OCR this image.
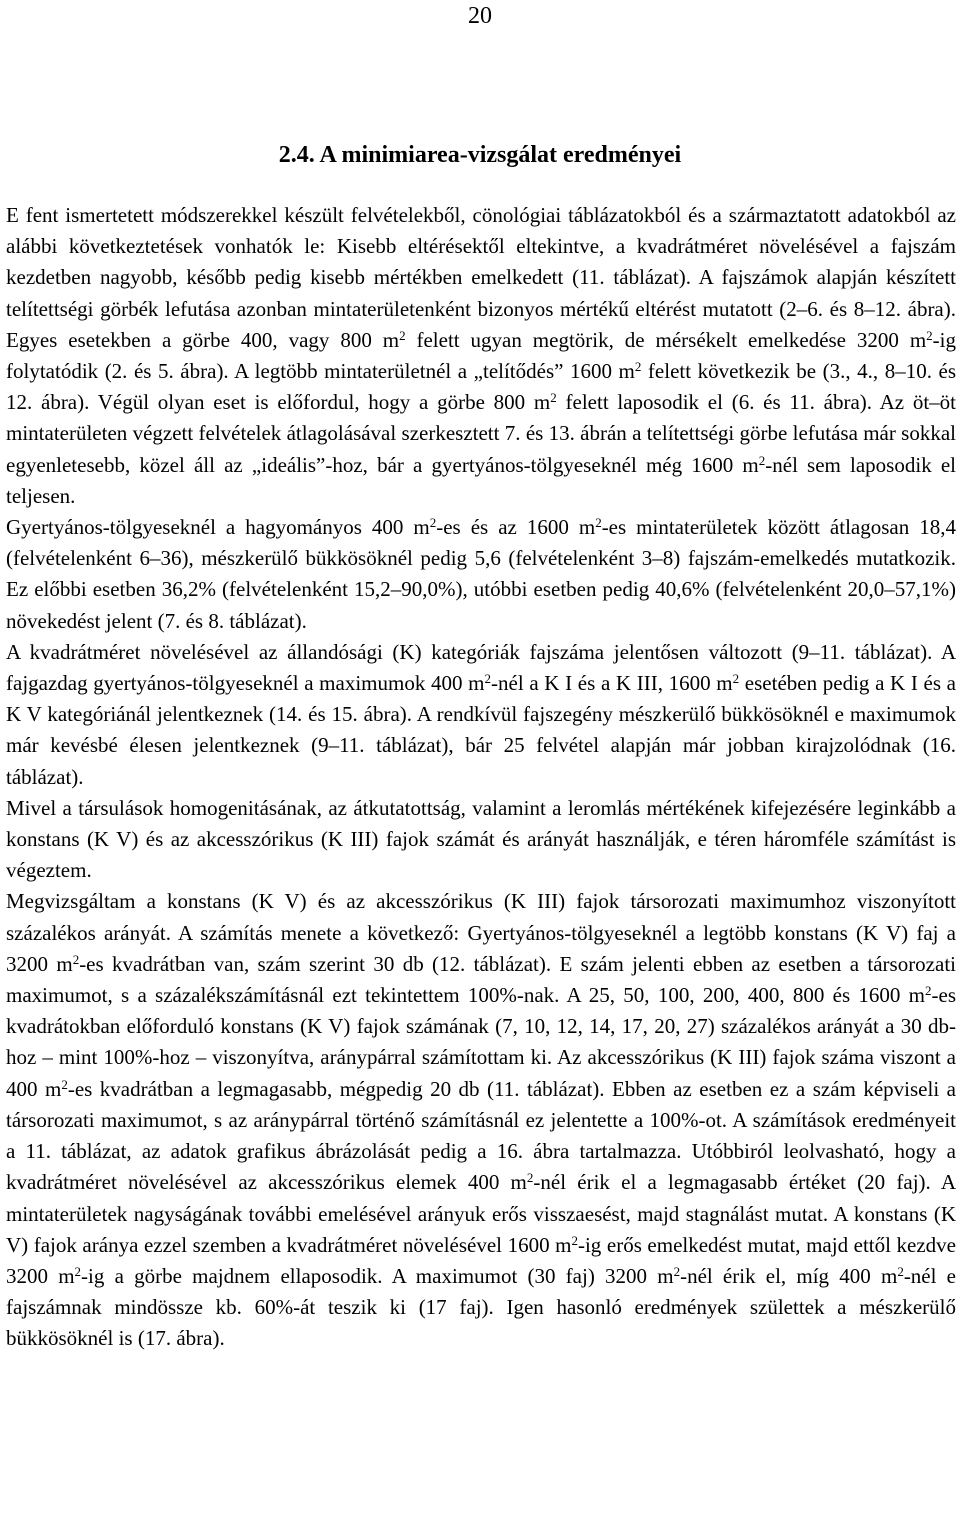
20
2.4. A minimiarea-vizsgálat eredményei

E fent ismertetett módszerekkel készült felvételekből, cönológiai táblázatokból és a származtatott adatokból az alábbi következtetések vonhatók le: Kisebb eltérésektől eltekintve, a kvadrátméret növelésével a fajszám kezdetben nagyobb, később pedig kisebb mértékben emelkedett (11. táblázat). A fajszámok alapján készített telítettségi görbék lefutása azonban mintaterületenként bizonyos mértékű eltérést mutatott (2–6. és 8–12. ábra). Egyes esetekben a görbe 400, vagy 800 $m^2$ felett ugyan megtörik, de mérsékelt emelkedése 3200 $m^2-ig$ folytatódik (2. és 5. ábra). A legtöbb mintaterületnél a „telítődés” 1600 $m^2$ felett következik be (3., 4., 8–10. és 12. ábra). Végül olyan eset is előfordul, hogy a görbe 800 $m^2$ felett laposodik el (6. és 11. ábra). Az öt–öt mintaterületen végzett felvételek átlagolásával szerkesztett 7. és 13. ábrán a telítettségi görbe lefutása már sokkal egyenletesebb, közel áll az „ideális”-hoz, bár a gyertyános-tölgyeseknél még 1600 $m^2$-nél sem laposodik el teljesen.

Gyertyános-tölgyeseknél a hagyományos 400 $m^2-es$ és az 1600 $m^2-es$ mintaterületek között átlagosan 18,4 (felvételenként 6–36), mészkerülő bükkösöknél pedig 5,6 (felvételenként 3–8) fajszám-emelkedés mutatkozik. Ez előbbi esetben 36,2% (felvételenként 15,2–90,0%), utóbbi esetben pedig 40,6% (felvételenként 20,0–57,1%) növekedést jelent (7. és 8. táblázat).

A kvadrátméret növelésével az állandósági (K) kategóriák fajszáma jelentősen változott (9–11. táblázat). A fajgazdag gyertyános-tölgyeseknél a maximumok 400 $m^2$-nél a K I és a K III, 1600 $m^2$ esetében pedig a K I és a K V kategóriánál jelentkeznek (14. és 15. ábra). A rendkívül fajszegény mészkerülő bükkösöknél e maximumok már kevésbé élesen jelentkeznek (9–11. táblázat), bár 25 felvétel alapján már jobban kirajzolódnak (16. táblázat).

Mivel a társulások homogenitásának, az átkutatottság, valamint a leromlás mértékének kifejezésére leginkább a konstans (K V) és az akcesszórikus (K III) fajok számát és arányát használják, e téren háromféle számítást is végeztem.

Megvizsgáltam a konstans (K V) és az akcesszórikus (K III) fajok társorozati maximumhoz viszonyított százalékos arányát. A számítás menete a következő: Gyertyános-tölgyeseknél a legtöbb konstans (K V) faj a 3200 $m^2-es$ kvadrátban van, szám szerint 30 db (12. táblázat). E szám jelenti ebben az esetben a társorozati maximumot, s a százalékszámításnál ezt tekintettem 100%-nak. A 25, 50, 100, 200, 400, 800 és 1600 $m^2-es$ kvadrátokban előforduló konstans (K V) fajok számának (7, 10, 12, 14, 17, 20, 27) százalékos arányát a 30 db-hoz – mint 100%-hoz – viszonyítva, aránypárral számítottam ki. Az akcesszórikus (K III) fajok száma viszont a 400 $m^2-es$ kvadrátban a legmagasabb, mégpedig 20 db (11. táblázat). Ebben az esetben ez a szám képviseli a társorozati maximumot, s az aránypárral történő számításnál ez jelentette a 100%-ot. A számítások eredményeit a 11. táblázat, az adatok grafikus ábrázolását pedig a 16. ábra tartalmazza. Utóbbiról leolvasható, hogy a kvadrátméret növelésével az akcesszórikus elemek 400 $m^2$-nél érik el a legmagasabb értéket (20 faj). A mintaterületek nagyságának további emelésével arányuk erős visszaesést, majd stagnálást mutat. A konstans (K V) fajok aránya ezzel szemben a kvadrátméret növelésével 1600 $m^2-ig$ erős emelkedést mutat, majd ettől kezdve 3200 $m^2-ig$ a görbe majdnem ellaposodik. A maximumot (30 faj) 3200 $m^2$-nél érik el, míg 400 $m^2$-nél e fajszámnak mindössze kb. 60%-át teszik ki (17 faj). Igen hasonló eredmények születtek a mészkerülő bükkösöknél is (17. ábra).
